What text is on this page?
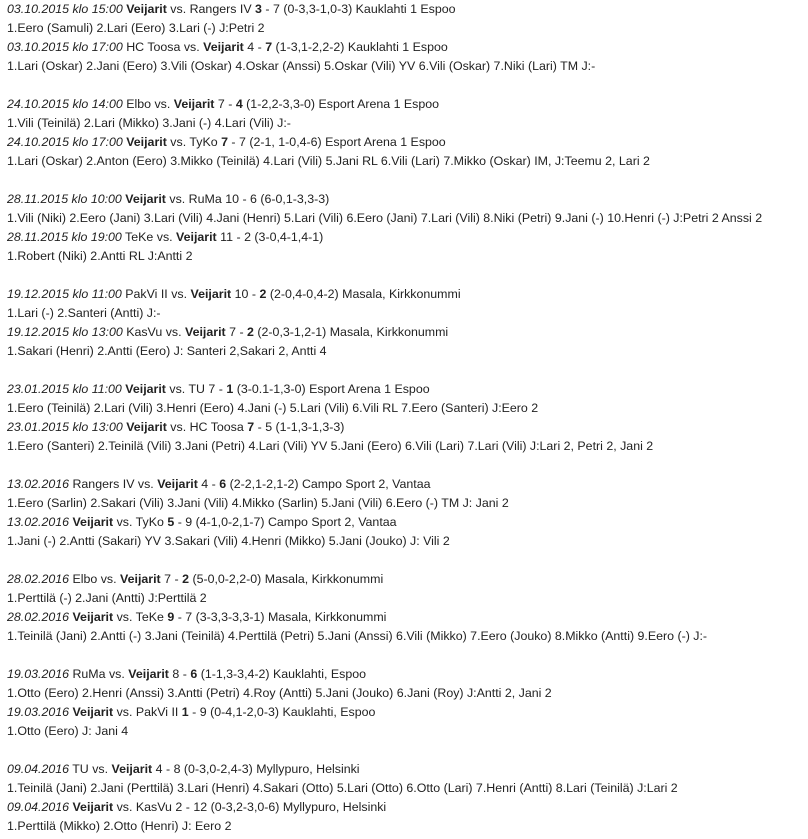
03.10.2015 klo 15:00 Veijarit vs. Rangers IV 3 - 7 (0-3,3-1,0-3) Kauklahti 1 Espoo
1.Eero (Samuli) 2.Lari (Eero) 3.Lari (-) J:Petri 2
03.10.2015 klo 17:00 HC Toosa vs. Veijarit 4 - 7 (1-3,1-2,2-2) Kauklahti 1 Espoo
1.Lari (Oskar) 2.Jani (Eero) 3.Vili (Oskar) 4.Oskar (Anssi) 5.Oskar (Vili) YV 6.Vili (Oskar) 7.Niki (Lari) TM J:-
24.10.2015 klo 14:00 Elbo vs. Veijarit 7 - 4 (1-2,2-3,3-0) Esport Arena 1 Espoo
1.Vili (Teinilä) 2.Lari (Mikko) 3.Jani (-) 4.Lari (Vili) J:-
24.10.2015 klo 17:00 Veijarit vs. TyKo 7 - 7 (2-1, 1-0,4-6) Esport Arena 1 Espoo
1.Lari (Oskar) 2.Anton (Eero) 3.Mikko (Teinilä) 4.Lari (Vili) 5.Jani RL 6.Vili (Lari) 7.Mikko (Oskar) IM, J:Teemu 2, Lari 2
28.11.2015 klo 10:00 Veijarit vs. RuMa 10 - 6 (6-0,1-3,3-3)
1.Vili (Niki) 2.Eero (Jani) 3.Lari (Vili) 4.Jani (Henri) 5.Lari (Vili) 6.Eero (Jani) 7.Lari (Vili) 8.Niki (Petri) 9.Jani (-) 10.Henri (-) J:Petri 2 Anssi 2
28.11.2015 klo 19:00 TeKe vs. Veijarit 11 - 2 (3-0,4-1,4-1)
1.Robert (Niki) 2.Antti RL J:Antti 2
19.12.2015 klo 11:00 PakVi II vs. Veijarit 10 - 2 (2-0,4-0,4-2) Masala, Kirkkonummi
1.Lari (-) 2.Santeri (Antti) J:-
19.12.2015 klo 13:00 KasVu vs. Veijarit 7 - 2 (2-0,3-1,2-1) Masala, Kirkkonummi
1.Sakari (Henri) 2.Antti (Eero) J: Santeri 2,Sakari 2, Antti 4
23.01.2015 klo 11:00 Veijarit vs. TU 7 - 1 (3-0.1-1,3-0) Esport Arena 1 Espoo
1.Eero (Teinilä) 2.Lari (Vili) 3.Henri (Eero) 4.Jani (-) 5.Lari (Vili) 6.Vili RL 7.Eero (Santeri) J:Eero 2
23.01.2015 klo 13:00 Veijarit vs. HC Toosa 7 - 5 (1-1,3-1,3-3)
1.Eero (Santeri) 2.Teinilä (Vili) 3.Jani (Petri) 4.Lari (Vili) YV 5.Jani (Eero) 6.Vili (Lari) 7.Lari (Vili) J:Lari 2, Petri 2, Jani 2
13.02.2016 Rangers IV vs. Veijarit 4 - 6 (2-2,1-2,1-2) Campo Sport 2, Vantaa
1.Eero (Sarlin) 2.Sakari (Vili) 3.Jani (Vili) 4.Mikko (Sarlin) 5.Jani (Vili) 6.Eero (-) TM J: Jani 2
13.02.2016 Veijarit vs. TyKo 5 - 9 (4-1,0-2,1-7) Campo Sport 2, Vantaa
1.Jani (-) 2.Antti (Sakari) YV 3.Sakari (Vili) 4.Henri (Mikko) 5.Jani (Jouko) J: Vili 2
28.02.2016 Elbo vs. Veijarit 7 - 2 (5-0,0-2,2-0) Masala, Kirkkonummi
1.Perttilä (-) 2.Jani (Antti) J:Perttilä 2
28.02.2016 Veijarit vs. TeKe 9 - 7 (3-3,3-3,3-1) Masala, Kirkkonummi
1.Teinilä (Jani) 2.Antti (-) 3.Jani (Teinilä) 4.Perttilä (Petri) 5.Jani (Anssi) 6.Vili (Mikko) 7.Eero (Jouko) 8.Mikko (Antti) 9.Eero (-) J:-
19.03.2016 RuMa vs. Veijarit 8 - 6 (1-1,3-3,4-2) Kauklahti, Espoo
1.Otto (Eero) 2.Henri (Anssi) 3.Antti (Petri) 4.Roy (Antti) 5.Jani (Jouko) 6.Jani (Roy) J:Antti 2, Jani 2
19.03.2016 Veijarit vs. PakVi II 1 - 9 (0-4,1-2,0-3) Kauklahti, Espoo
1.Otto (Eero) J: Jani 4
09.04.2016 TU vs. Veijarit 4 - 8 (0-3,0-2,4-3) Myllypuro, Helsinki
1.Teinilä (Jani) 2.Jani (Perttilä) 3.Lari (Henri) 4.Sakari (Otto) 5.Lari (Otto) 6.Otto (Lari) 7.Henri (Antti) 8.Lari (Teinilä) J:Lari 2
09.04.2016 Veijarit vs. KasVu 2 - 12 (0-3,2-3,0-6) Myllypuro, Helsinki
1.Perttilä (Mikko) 2.Otto (Henri) J: Eero 2
